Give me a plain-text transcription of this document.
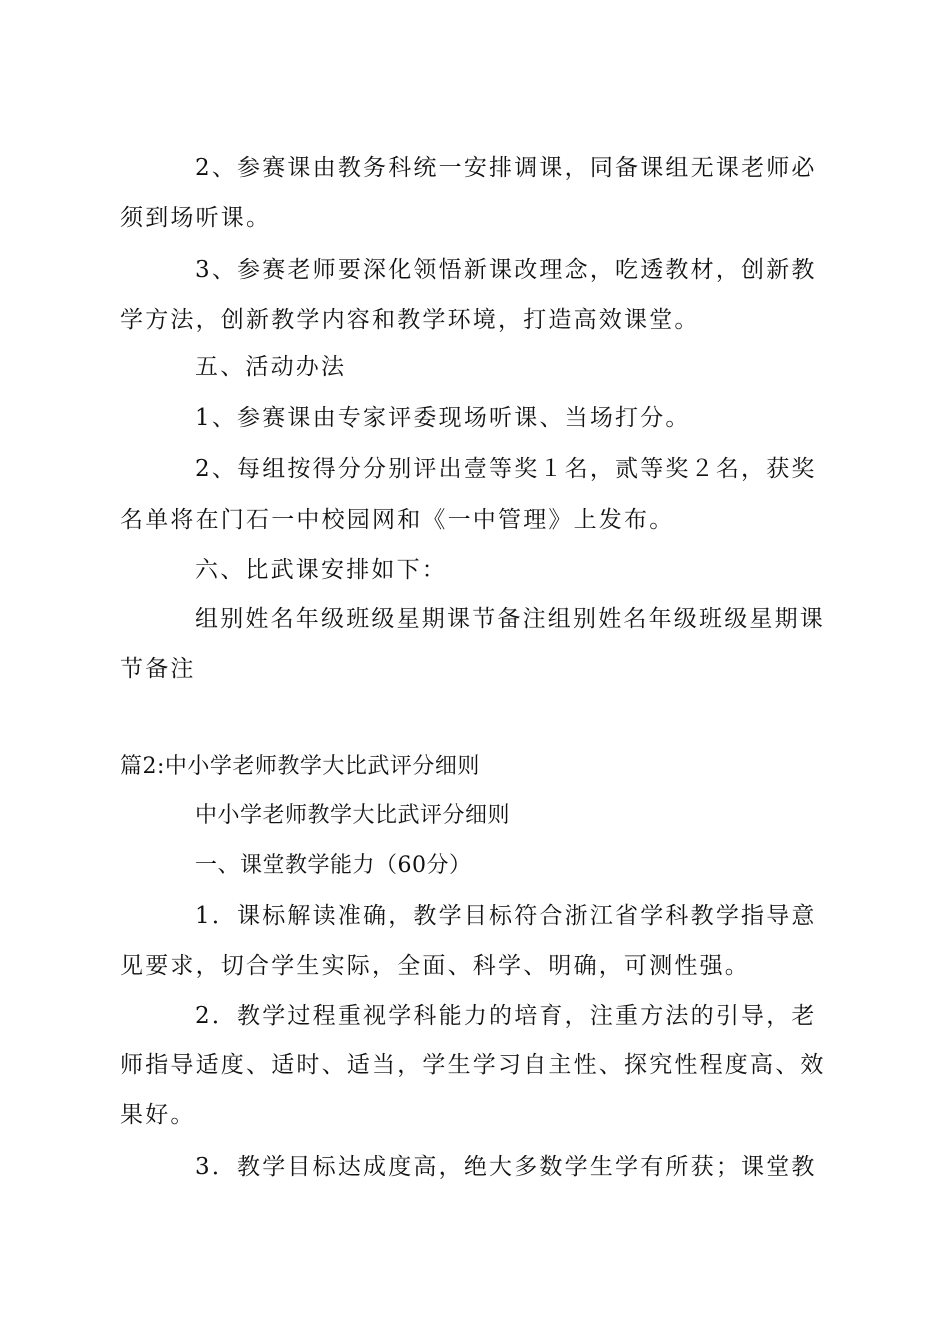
2、参赛课由教务科统一安排调课，同备课组无课老师必
须到场听课。
3、参赛老师要深化领悟新课改理念，吃透教材，创新教
学方法，创新教学内容和教学环境，打造高效课堂。
五、活动办法
1、参赛课由专家评委现场听课、当场打分。
2、每组按得分分别评出壹等奖１名，贰等奖２名，获奖
名单将在门石一中校园网和《一中管理》上发布。
六、比武课安排如下：
组别姓名年级班级星期课节备注组别姓名年级班级星期课
节备注
篇2:中小学老师教学大比武评分细则
中小学老师教学大比武评分细则
一、课堂教学能力（60分）
1．课标解读准确，教学目标符合浙江省学科教学指导意
见要求，切合学生实际，全面、科学、明确，可测性强。
2．教学过程重视学科能力的培育，注重方法的引导，老
师指导适度、适时、适当，学生学习自主性、探究性程度高、效
果好。
3．教学目标达成度高，绝大多数学生学有所获；课堂教
